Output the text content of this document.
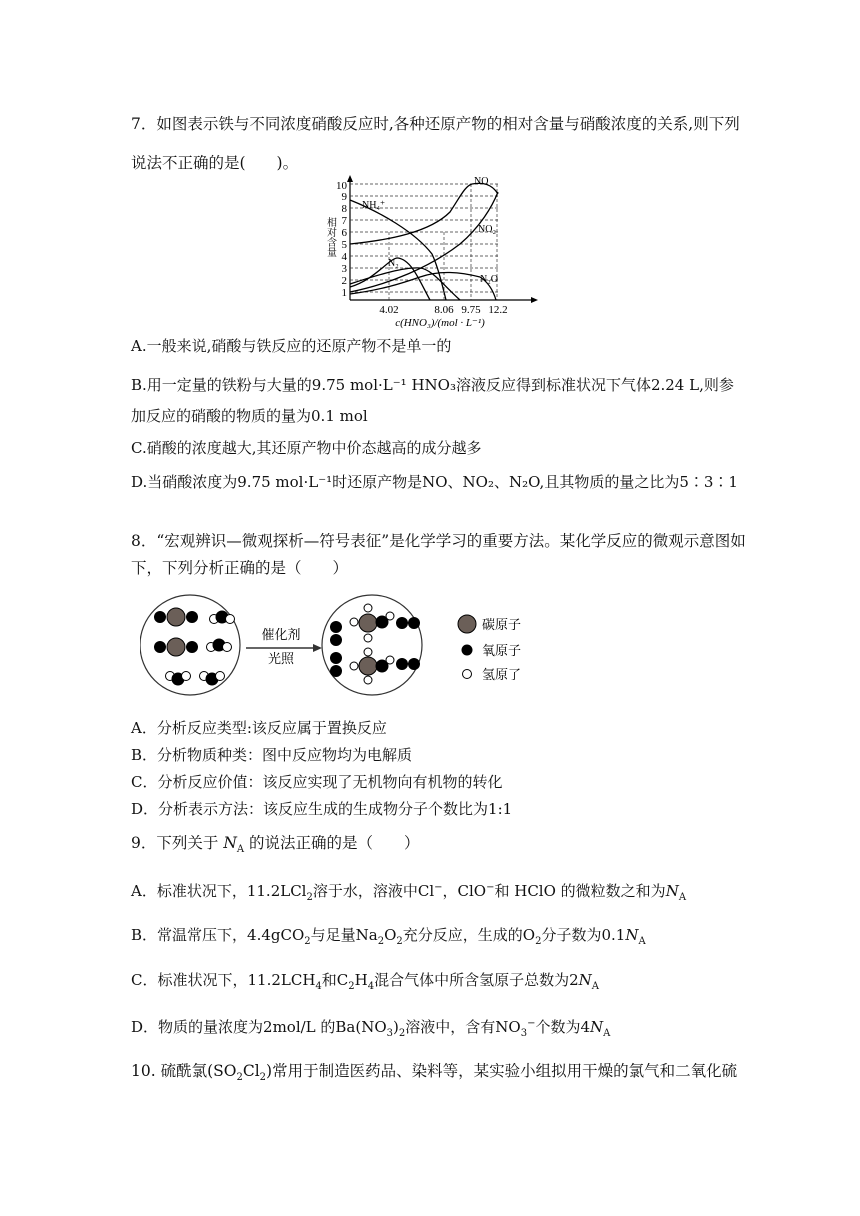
7．如图表示铁与不同浓度硝酸反应时,各种还原产物的相对含量与硝酸浓度的关系,则下列
说法不正确的是(　　)。
相对含量
1
2
3
4
5
6
7
8
9
10
NH₄⁺
NO
NO₂
N₂
N₂O
4.02	8.06 9.75 12.2
c(HNO₃)/(mol · L⁻¹)
A.一般来说,硝酸与铁反应的还原产物不是单一的
B.用一定量的铁粉与大量的9.75 mol·L⁻¹ HNO₃溶液反应得到标准状况下气体2.24 L,则参
加反应的硝酸的物质的量为0.1 mol
C.硝酸的浓度越大,其还原产物中价态越高的成分越多
D.当硝酸浓度为9.75 mol·L⁻¹时还原产物是NO、NO₂、N₂O,且其物质的量之比为5∶3∶1
8．“宏观辨识—微观探析—符号表征”是化学学习的重要方法。某化学反应的微观示意图如
下，下列分析正确的是（　　）
催化剂
光照
碳原子
氧原子
氢原了
A．分析反应类型:该反应属于置换反应
B．分析物质种类：图中反应物均为电解质
C．分析反应价值：该反应实现了无机物向有机物的转化
D．分析表示方法：该反应生成的生成物分子个数比为1:1
9．下列关于 $N_A$ 的说法正确的是（　　）
A．标准状况下，11.2LCl$_2$溶于水，溶液中Cl−，ClO−和 HClO 的微粒数之和为$N_A$
B．常温常压下，4.4gCO$_2$与足量$Na_2O_2$充分反应，生成的$O_2$分子数为$0.1N_A$
C．标准状况下，$11.2LCH_4$和$C_2H_4$混合气体中所含氢原子总数为$2N_A$
D．物质的量浓度为2mol/L 的$Ba(NO_3)_2$溶液中，含有$NO_3^-$个数为$4N_A$
10. 硫酰氯$(SO_2Cl_2)$常用于制造医药品、染料等，某实验小组拟用干燥的氯气和二氧化硫
